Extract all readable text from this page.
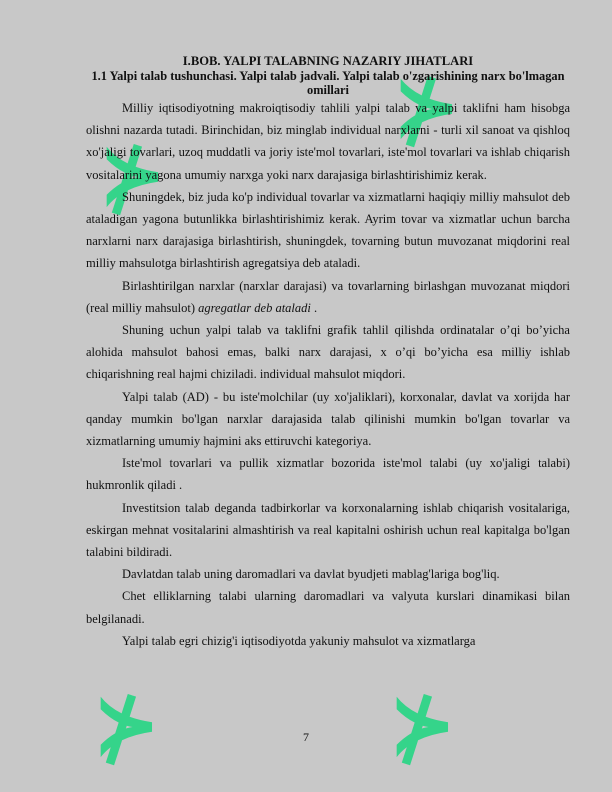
⊁
⊁
⊁	⊁
I.BOB. YALPI TALABNING NAZARIY JIHATLARI
1.1 Yalpi talab tushunchasi. Yalpi talab jadvali. Yalpi talab o'zgarishining narx bo'lmagan omillari

Milliy iqtisodiyotning makroiqtisodiy tahlili yalpi talab va yalpi taklifni ham hisobga olishni nazarda tutadi. Birinchidan, biz minglab individual narxlarni - turli xil sanoat va qishloq xo'jaligi tovarlari, uzoq muddatli va joriy iste'mol tovarlari, iste'mol tovarlari va ishlab chiqarish vositalarini yagona umumiy narxga yoki narx darajasiga birlashtirishimiz kerak.

Shuningdek, biz juda ko'p individual tovarlar va xizmatlarni haqiqiy milliy mahsulot deb ataladigan yagona butunlikka birlashtirishimiz kerak. Ayrim tovar va xizmatlar uchun barcha narxlarni narx darajasiga birlashtirish, shuningdek, tovarning butun muvozanat miqdorini real milliy mahsulotga birlashtirish agregatsiya deb ataladi.

Birlashtirilgan narxlar (narxlar darajasi) va tovarlarning birlashgan muvozanat miqdori (real milliy mahsulot) agregatlar deb ataladi .

Shuning uchun yalpi talab va taklifni grafik tahlil qilishda ordinatalar o’qi bo’yicha alohida mahsulot bahosi emas, balki narx darajasi, x o’qi bo’yicha esa milliy ishlab chiqarishning real hajmi chiziladi. individual mahsulot miqdori.

Yalpi talab (AD) - bu iste'molchilar (uy xo'jaliklari), korxonalar, davlat va xorijda har qanday mumkin bo'lgan narxlar darajasida talab qilinishi mumkin bo'lgan tovarlar va xizmatlarning umumiy hajmini aks ettiruvchi kategoriya.

Iste'mol tovarlari va pullik xizmatlar bozorida iste'mol talabi (uy xo'jaligi talabi) hukmronlik qiladi .

Investitsion talab deganda tadbirkorlar va korxonalarning ishlab chiqarish vositalariga, eskirgan mehnat vositalarini almashtirish va real kapitalni oshirish uchun real kapitalga bo'lgan talabini bildiradi.

Davlatdan talab uning daromadlari va davlat byudjeti mablag'lariga bog'liq.

Chet elliklarning talabi ularning daromadlari va valyuta kurslari dinamikasi bilan belgilanadi.

Yalpi talab egri chizig'i iqtisodiyotda yakuniy mahsulot va xizmatlarga

7
